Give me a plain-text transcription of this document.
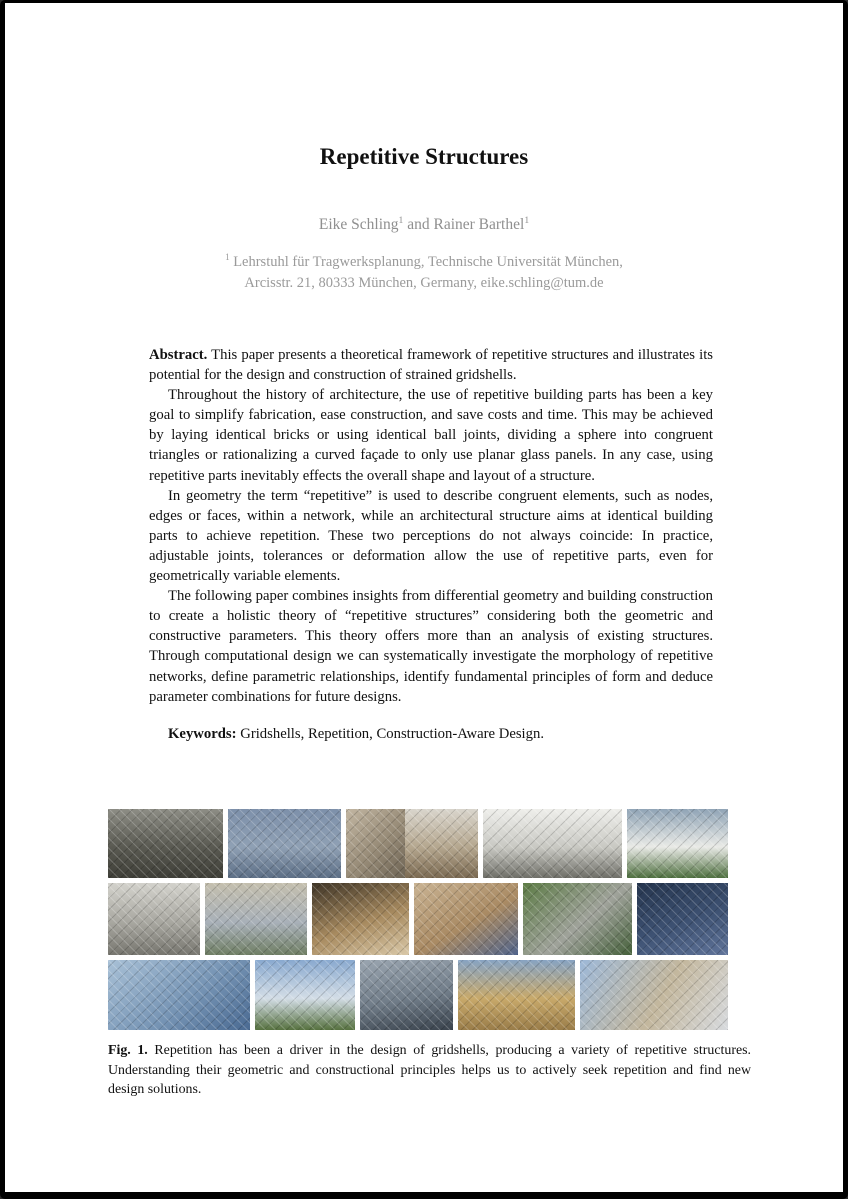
Repetitive Structures
Eike Schling$^1$ and Rainer Barthel$^1$
$^1$ Lehrstuhl für Tragwerksplanung, Technische Universität München,
Arcisstr. 21, 80333 München, Germany, eike.schling@tum.de

Abstract. This paper presents a theoretical framework of repetitive structures and illustrates its potential for the design and construction of strained gridshells.

Throughout the history of architecture, the use of repetitive building parts has been a key goal to simplify fabrication, ease construction, and save costs and time. This may be achieved by laying identical bricks or using identical ball joints, dividing a sphere into congruent triangles or rationalizing a curved façade to only use planar glass panels. In any case, using repetitive parts inevitably effects the overall shape and layout of a structure.

In geometry the term “repetitive” is used to describe congruent elements, such as nodes, edges or faces, within a network, while an architectural structure aims at identical building parts to achieve repetition. These two perceptions do not always coincide: In practice, adjustable joints, tolerances or deformation allow the use of repetitive parts, even for geometrically variable elements.

The following paper combines insights from differential geometry and building construction to create a holistic theory of “repetitive structures” considering both the geometric and constructive parameters. This theory offers more than an analysis of existing structures. Through computational design we can systematically investigate the morphology of repetitive networks, define parametric relationships, identify fundamental principles of form and deduce parameter combinations for future designs.

Keywords: Gridshells, Repetition, Construction-Aware Design.

Fig. 1. Repetition has been a driver in the design of gridshells, producing a variety of repetitive structures. Understanding their geometric and constructional principles helps us to actively seek repetition and find new design solutions.
